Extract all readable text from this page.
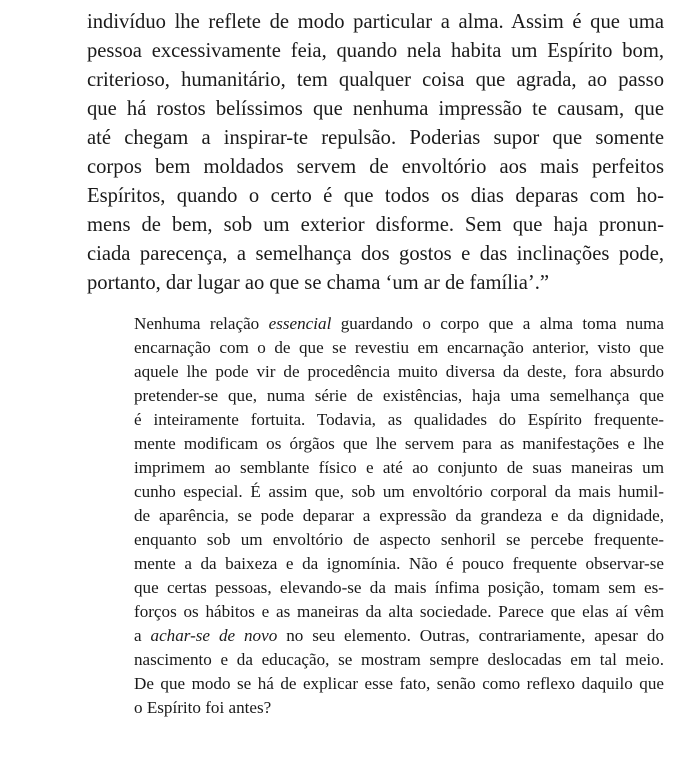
indivíduo lhe reflete de modo particular a alma. Assim é que uma
pessoa excessivamente feia, quando nela habita um Espírito bom,
criterioso, humanitário, tem qualquer coisa que agrada, ao passo
que há rostos belíssimos que nenhuma impressão te causam, que
até chegam a inspirar-te repulsão. Poderias supor que somente
corpos bem moldados servem de envoltório aos mais perfeitos
Espíritos, quando o certo é que todos os dias deparas com ho-
mens de bem, sob um exterior disforme. Sem que haja pronun-
ciada parecença, a semelhança dos gostos e das inclinações pode,
portanto, dar lugar ao que se chama ‘um ar de família’.”
Nenhuma relação essencial guardando o corpo que a alma toma numa
encarnação com o de que se revestiu em encarnação anterior, visto que
aquele lhe pode vir de procedência muito diversa da deste, fora absurdo
pretender-se que, numa série de existências, haja uma semelhança que
é inteiramente fortuita. Todavia, as qualidades do Espírito frequente-
mente modificam os órgãos que lhe servem para as manifestações e lhe
imprimem ao semblante físico e até ao conjunto de suas maneiras um
cunho especial. É assim que, sob um envoltório corporal da mais humil-
de aparência, se pode deparar a expressão da grandeza e da dignidade,
enquanto sob um envoltório de aspecto senhoril se percebe frequente-
mente a da baixeza e da ignomínia. Não é pouco frequente observar-se
que certas pessoas, elevando-se da mais ínfima posição, tomam sem es-
forços os hábitos e as maneiras da alta sociedade. Parece que elas aí vêm
a achar-se de novo no seu elemento. Outras, contrariamente, apesar do
nascimento e da educação, se mostram sempre deslocadas em tal meio.
De que modo se há de explicar esse fato, senão como reflexo daquilo que
o Espírito foi antes?
